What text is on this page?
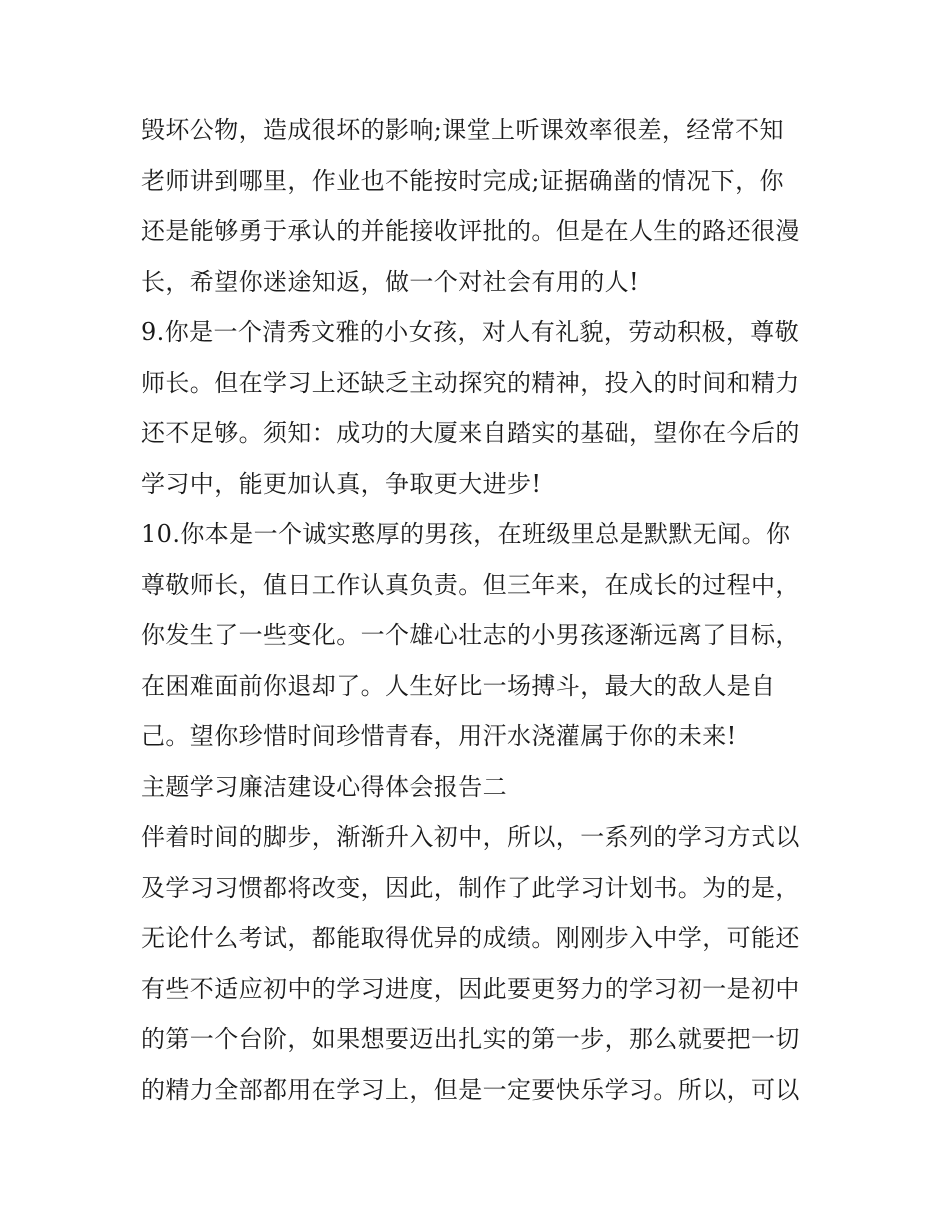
毁坏公物，造成很坏的影响;课堂上听课效率很差，经常不知
老师讲到哪里，作业也不能按时完成;证据确凿的情况下，你
还是能够勇于承认的并能接收评批的。但是在人生的路还很漫
长，希望你迷途知返，做一个对社会有用的人!
9.你是一个清秀文雅的小女孩，对人有礼貌，劳动积极，尊敬
师长。但在学习上还缺乏主动探究的精神，投入的时间和精力
还不足够。须知：成功的大厦来自踏实的基础，望你在今后的
学习中，能更加认真，争取更大进步!
10.你本是一个诚实憨厚的男孩，在班级里总是默默无闻。你
尊敬师长，值日工作认真负责。但三年来，在成长的过程中，
你发生了一些变化。一个雄心壮志的小男孩逐渐远离了目标，
在困难面前你退却了。人生好比一场搏斗，最大的敌人是自
己。望你珍惜时间珍惜青春，用汗水浇灌属于你的未来!
主题学习廉洁建设心得体会报告二
伴着时间的脚步，渐渐升入初中，所以，一系列的学习方式以
及学习习惯都将改变，因此，制作了此学习计划书。为的是，
无论什么考试，都能取得优异的成绩。刚刚步入中学，可能还
有些不适应初中的学习进度，因此要更努力的学习初一是初中
的第一个台阶，如果想要迈出扎实的第一步，那么就要把一切
的精力全部都用在学习上，但是一定要快乐学习。所以，可以
